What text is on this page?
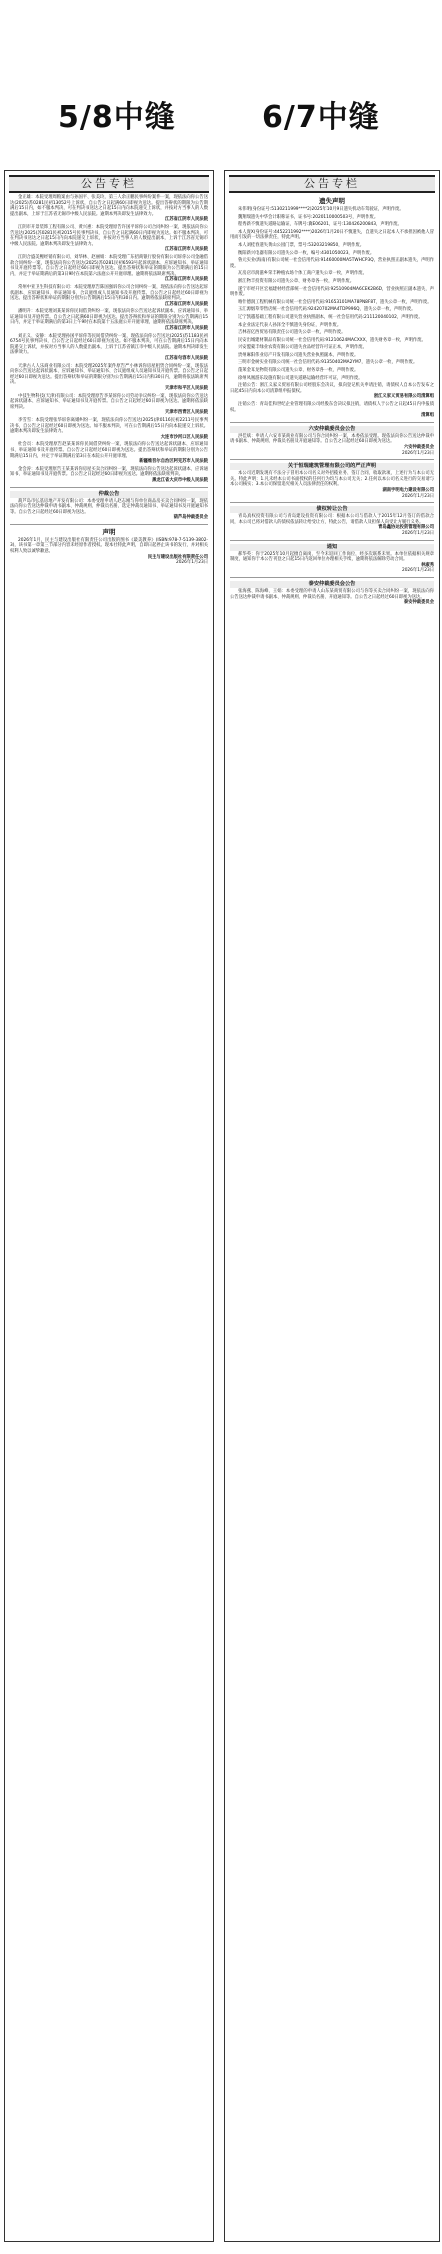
5/8中缝	6/7中缝
公告专栏

金正雄：本院受理周粮案由与孙国平、张美玲，第三人余正鹏民事纠纷案件一案，现依法向你公告送达(2025)苏0281民初13052号上诉状，自公告之日起满60日即视为送达。提出答辩状的期限为公告期满后15日内，如不服本判决，可在判决书送达之日起15日内向本院递交上诉状，并按对方当事人的人数提出副本，上诉于江苏省无锡市中级人民法院。逾期本判决即发生法律效力。

江苏省江阴市人民法院

江阴市开景装饰工程有限公司、黄兴惠：本院受理原告许国平诉你公司合同纠纷一案，现依法向你公告送达(2025)苏0281民初2015号民事判决书，自公告之日起满60日内即视为送达。如不服本判决，可在判决书送达之日起15日内向本院递交上诉状，并按对方当事人的人数提出副本，上诉于江苏省无锡市中级人民法院。逾期本判决即发生法律效力。

江苏省江阴市人民法院

江阴合盛美鲤经销有限公司、刘华林、赵丽娟：本院受理广东招商银行股份有限公司诉你公司金融借款合同纠纷一案，现依法向你公告送达(2025)苏0281民初6593号起诉状副本、应诉通知书、举证通知书及开庭传票等。自公告之日起经过60日即视为送达。提出答辩状和举证的期限为公告期满后的15日内，并定于举证期满后的第3日9时在本院第六法庭公开开庭审理。逾期将依法缺席判决。

江苏省江阴市人民法院

常州中亚卫生科技有限公司：本院受理原告陈国强诉你公司合同纠纷一案，现依法向你公告送达起诉状副本、应诉通知书、举证通知书、合议庭组成人员通知书及开庭传票。自公告之日起经过60日即视为送达。提出答辩状和举证的期限分别为公告期满后15日内和30日内。逾期将依法缺席判决。

江苏省江阴市人民法院

潘明升：本院受理刘某某诉你民间借贷纠纷一案，现依法向你公告送达起诉状副本、应诉通知书、举证通知书及开庭传票。自公告之日起满60日即视为送达。提出答辩状和举证的期限分别为公告期满后15日内，并定于举证期满后的第3日上午9时在本院第十五法庭公开开庭审理，逾期将依法缺席判决。

江苏省江阴市人民法院

刘正义、安静：本院受理孙国平诉你等民间借贷纠纷一案，现依法向你公告送达(2025)苏1183民初6754号民事判决书，自公告之日起经过60日即视为送达。如不服本判决，可在公告期满后15日内向本院递交上诉状，并按对方当事人的人数提出副本，上诉于江苏省镇江市中级人民法院。逾期本判决即发生法律效力。

江苏省句容市人民法院

天津古人人乐商业有限公司：本院受理2025年案件原告严小林诉你房屋租赁合同纠纷一案，现依法向你公告送达起诉状副本、应诉通知书、举证通知书、合议庭组成人员通知书及开庭传票。自公告之日起经过60日即视为送达。提出答辩状和举证的期限分别为公告期满后15日内和30日内，逾期将依法缺席判决。

天津市和平区人民法院

中技生物科技(天津)有限公司：本院受理原告李某诉你公司劳动争议纠纷一案，现依法向你公告送达起诉状副本、应诉通知书、举证通知书及开庭传票。自公告之日起经过60日即视为送达。逾期将依法缺席判决。

天津市西青区人民法院

李雪雪：本院受理张华诉你离婚纠纷一案，现依法向你公告送达(2025)津0116民初2211号民事判决书，自公告之日起经过60日即视为送达。如不服本判决，可在公告期满后15日内向本院递交上诉状。逾期本判决即发生法律效力。

大连市沙河口区人民法院

杜会员：本院受理原告赵某某诉你民间借贷纠纷一案，现依法向你公告送达起诉状副本、应诉通知书、举证通知书及开庭传票。自公告之日起经过60日即视为送达。提出答辩状和举证的期限分别为公告期满后15日内，并定于举证期满后第3日在本院公开开庭审理。

新疆维吾尔自治区阿克苏市人民法院

金会涛：本院受理原告王某某诉你房屋买卖合同纠纷一案，现依法向你公告送达起诉状副本、应诉通知书、举证通知书及开庭传票。自公告之日起经过60日即视为送达。逾期将依法缺席判决。

黑龙江省大庆市中级人民法院

仲裁公告

葫芦岛市弘基房地产开发有限公司：本委受理申请人赵志刚与你单位商品房买卖合同纠纷一案，现依法向你公告送达仲裁申请书副本、仲裁规则、仲裁员名册、选定仲裁员通知书、举证通知书及开庭通知书等。自公告之日起经过60日即视为送达。

葫芦岛仲裁委员会

声明

2026年1月，民主与建设出版社有限责任公司出版的图书《最美教养》(ISBN:978-7-5139-3802-3)，该书第一章第三节部分内容未经原作者授权。现本社特此声明，自即日起停止该书的发行，并对相关权利人致以诚挚歉意。

民主与建设出版社有限责任公司

2026年1月23日

公告专栏
遗失声明

朱伟明(身份证号:5130211999****2)2025年10月9日遗失机动车驾驶证，声明作废。

魏翔瑞遗失中华会计职称证书，证书号:2020110000503号，声明作废。

程秀新不慎遗失道路运输证，车牌号:冀E06201，证号:130426200843，声明作废。

本人庞X(身份证号:4452211992****)2026年1月20日不慎遗失，自遗失之日起本人不承担因被他人冒用而引发的一切法律责任，特此声明。

本人刘桂春遗失黄山公园门票，票号:53203219850，声明作废。

衡阳新兴电器有限公司遗失公章一枚，编号:4301050023，声明作废。

鲁元实业(海南)有限公司统一社会信用代码:91460000MA5TWHCP3Q，营业执照正副本遗失，声明作废。

瓦房店市润滋乡荣丰种植农场个体工商户遗失公章一枚，声明作废。

浙江物丰投资有限公司遗失公章、财务章各一枚，声明作废。

遂宁市经开区宏福建材经营部统一社会信用代码:92510904MA6CEK2B6D，营业执照正副本遗失，声明作废。

喀什德润工程机械有限公司统一社会信用代码:91653101MA78PN8F8T，遗失公章一枚，声明作废。

玉汇源烟草零售店统一社会信用代码:92420702MA4TDP996Q，遗失公章一枚，声明作废。

辽宁凯越基础工程有限公司遗失营业执照副本，统一社会信用代码:211120040102，声明作废。

本企业法定代表人孙泽全不慎遗失身份证，声明作废。

吉林省亿西贸易有限责任公司遗失公章一枚，声明作废。

民安出城建材制品有限公司统一社会信用代码:91210624MACXXX，遗失财务章一枚，声明作废。

兴安盟蒙丰绿业农资有限公司遗失食品经营许可证正本，声明作废。

贵州麻阳伟业房产开发有限公司遗失营业执照副本，声明作废。

三明市金树实业有限公司统一社会信用代码:91350402MA2YM7，遗失公章一枚，声明作废。

蓬莱金耳龙物资有限公司遗失公章、财务章各一枚，声明作废。

徐州凤凰游乐设施有限公司遗失道路运输经营许可证，声明作废。

注销公告：浙江义家义贸易有限公司经股东会决议，拟向登记机关申请注销，请债权人自本公告发布之日起45日内向本公司清算组申报债权。

浙江义家义贸易有限公司清算组

注销公告：青岛佳和世纪企业管理有限公司经股东会决议拟注销，请债权人于公告之日起45日内申报债权。

清算组

六安仲裁委员会公告

洪佳斌：申请人六安市某商业有限公司与你合同纠纷一案，本委依法受理。现依法向你公告送达仲裁申请书副本、仲裁规则、仲裁员名册及开庭通知等。自公告之日起经过60日即视为送达。

六安仲裁委员会

2026年1月23日

关于恒瑞建筑管理有限公司的严正声明

本公司近期发现有不法分子冒用本公司名义对外招揽业务、签订合同、收取款项，上述行为与本公司无关。特此声明：1.凡未经本公司书面授权的任何行为均与本公司无关；2.任何以本公司名义进行的交易请与本公司核实；3.本公司保留追究相关人员法律责任的权利。

湖南宇明电力建设有限公司

2026年1月23日

债权转让公告

青岛真权投资有限公司与青岛建设投资有限公司：根据本公司与借款人于2015年12月签订的借款合同，本公司已将对借款人的债权依法转让给受让方，特此公告，请借款人及担保人向受让方履行义务。

青岛鑫协达投资管理有限公司

2026年1月23日

通知

郝华英：你于2025年10月起擅自离岗，至今未返回工作岗位，经多次联系未果。本单位依据相关规章制度，通知你于本公告刊登之日起15日内返回单位办理相关手续，逾期将依法解除劳动合同。

林淑秀

2026年1月23日

泰安仲裁委员会公告

张海燕、陈海峰、王娟：本委受理的申请人山东某商贸有限公司与你等买卖合同纠纷一案，现依法向你公告送达仲裁申请书副本、仲裁规则、仲裁员名册、开庭通知等。自公告之日起经过60日即视为送达。

泰安仲裁委员会
